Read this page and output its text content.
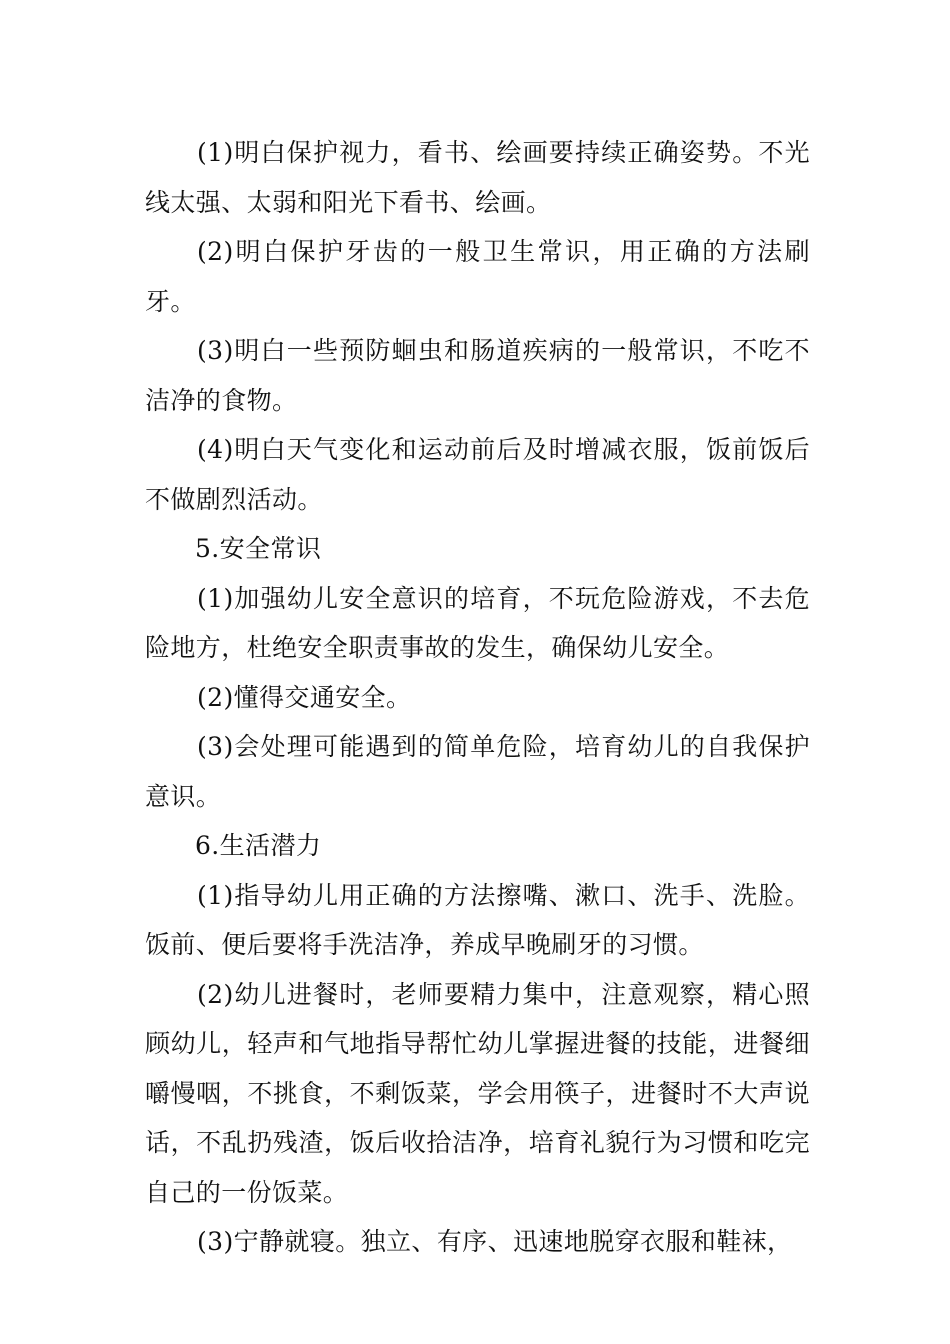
(1)明白保护视力，看书、绘画要持续正确姿势。不光线太强、太弱和阳光下看书、绘画。

(2)明白保护牙齿的一般卫生常识，用正确的方法刷牙。

(3)明白一些预防蛔虫和肠道疾病的一般常识，不吃不洁净的食物。

(4)明白天气变化和运动前后及时增减衣服，饭前饭后不做剧烈活动。

5.安全常识

(1)加强幼儿安全意识的培育，不玩危险游戏，不去危险地方，杜绝安全职责事故的发生，确保幼儿安全。

(2)懂得交通安全。

(3)会处理可能遇到的简单危险，培育幼儿的自我保护意识。

6.生活潜力

(1)指导幼儿用正确的方法擦嘴、漱口、洗手、洗脸。饭前、便后要将手洗洁净，养成早晚刷牙的习惯。

(2)幼儿进餐时，老师要精力集中，注意观察，精心照顾幼儿，轻声和气地指导帮忙幼儿掌握进餐的技能，进餐细嚼慢咽，不挑食，不剩饭菜，学会用筷子，进餐时不大声说话，不乱扔残渣，饭后收拾洁净，培育礼貌行为习惯和吃完自己的一份饭菜。

(3)宁静就寝。独立、有序、迅速地脱穿衣服和鞋袜，
